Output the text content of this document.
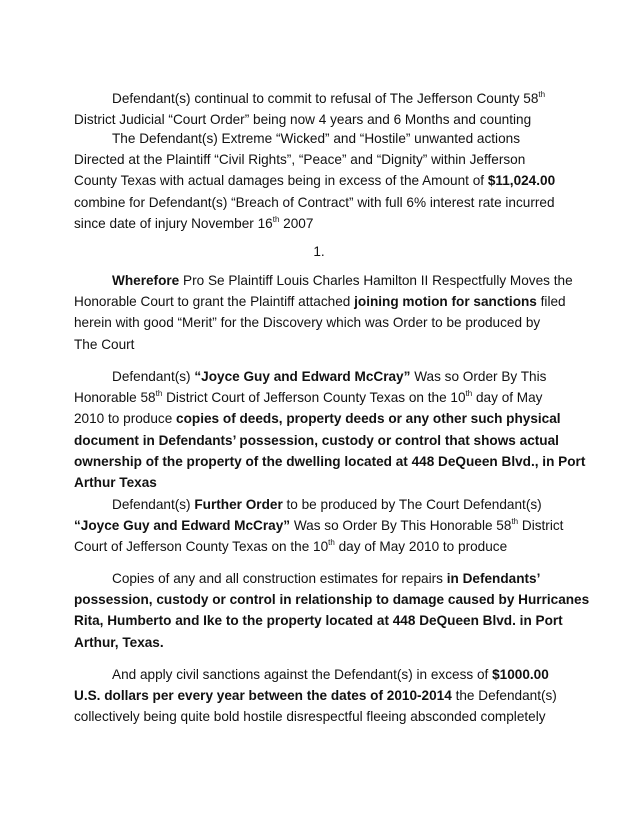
Defendant(s) continual to commit to refusal of The Jefferson County 58th
District Judicial “Court Order” being now 4 years and 6 Months and counting
The Defendant(s) Extreme “Wicked” and “Hostile” unwanted actions
Directed at the Plaintiff “Civil Rights”, “Peace” and “Dignity” within Jefferson
County Texas with actual damages being in excess of the Amount of $11,024.00
combine for Defendant(s) “Breach of Contract” with full 6% interest rate incurred
since date of injury November 16th 2007
1.
Wherefore Pro Se Plaintiff Louis Charles Hamilton II Respectfully Moves the
Honorable Court to grant the Plaintiff attached joining motion for sanctions filed
herein with good “Merit” for the Discovery which was Order to be produced by
The Court
Defendant(s) “Joyce Guy and Edward McCray” Was so Order By This
Honorable 58th District Court of Jefferson County Texas on the 10th day of May
2010 to produce copies of deeds, property deeds or any other such physical
document in Defendants’ possession, custody or control that shows actual
ownership of the property of the dwelling located at 448 DeQueen Blvd., in Port
Arthur Texas
Defendant(s) Further Order to be produced by The Court Defendant(s)
“Joyce Guy and Edward McCray” Was so Order By This Honorable 58th District
Court of Jefferson County Texas on the 10th day of May 2010 to produce
Copies of any and all construction estimates for repairs in Defendants’
possession, custody or control in relationship to damage caused by Hurricanes
Rita, Humberto and Ike to the property located at 448 DeQueen Blvd. in Port
Arthur, Texas.
And apply civil sanctions against the Defendant(s) in excess of $1000.00
U.S. dollars per every year between the dates of 2010-2014 the Defendant(s)
collectively being quite bold hostile disrespectful fleeing absconded completely
